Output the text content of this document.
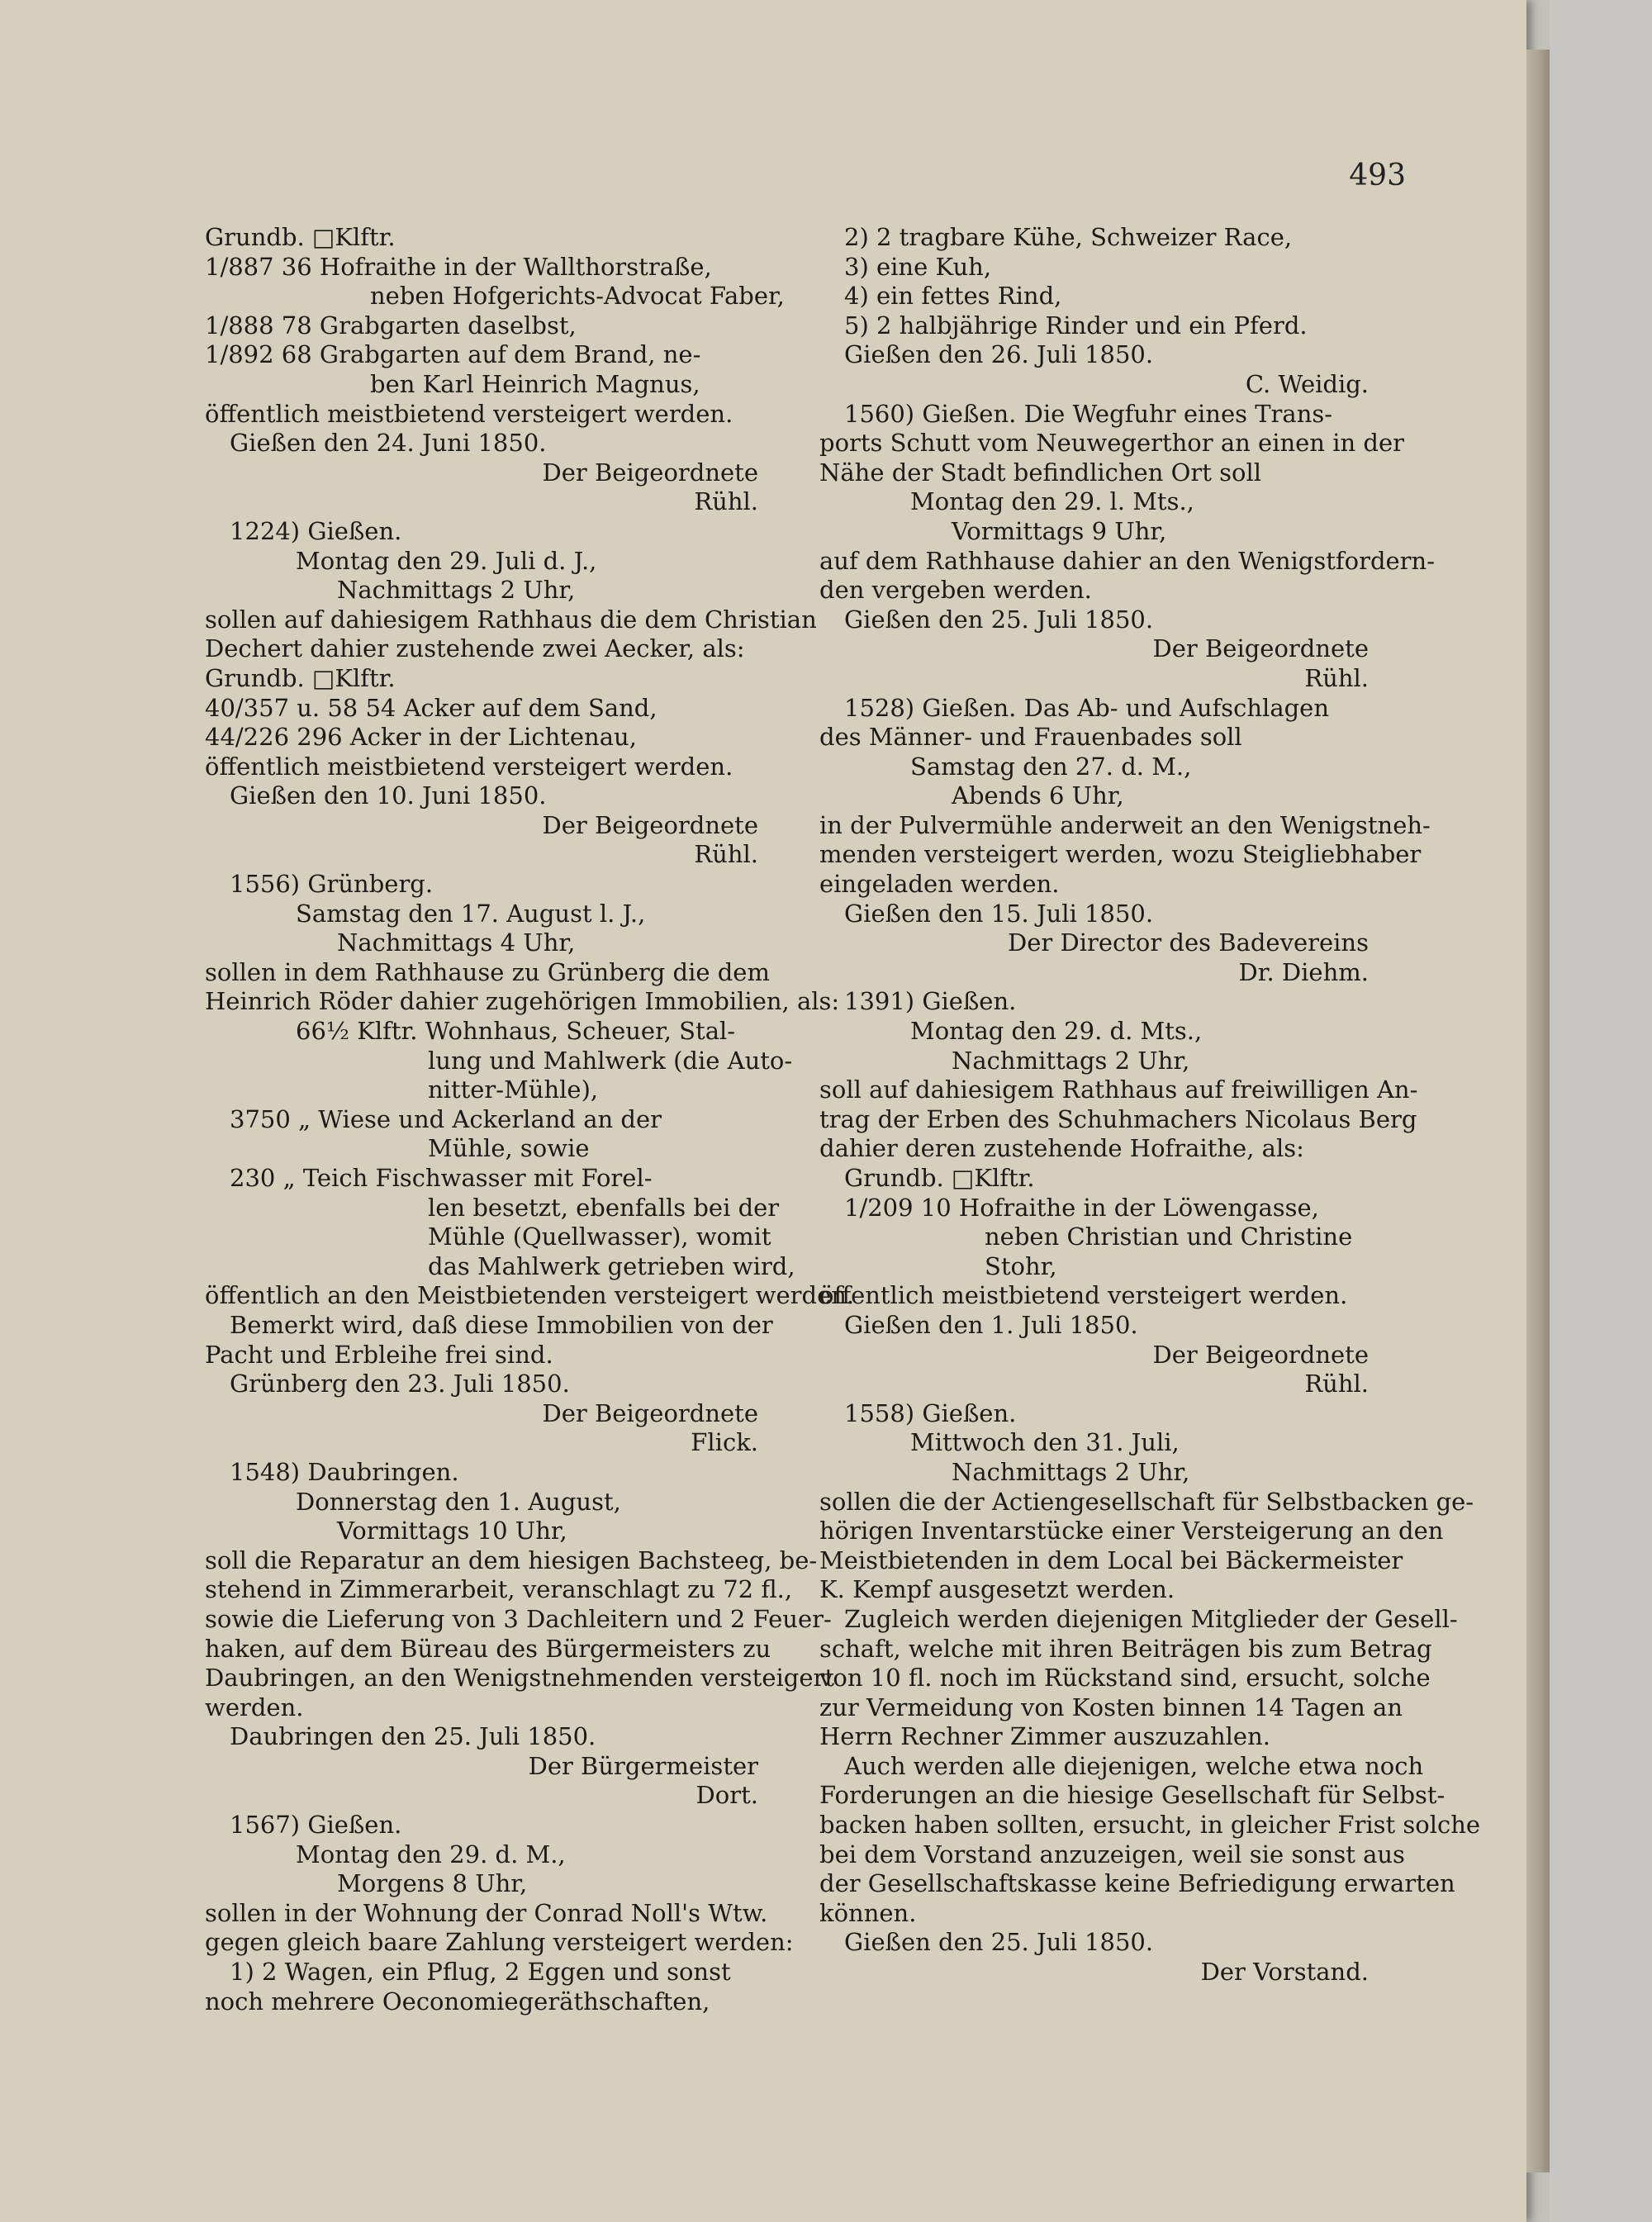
493
Grundb. □Klftr.
1/887 36 Hofraithe in der Wallthorstraße,
neben Hofgerichts-Advocat Faber,
1/888 78 Grabgarten daselbst,
1/892 68 Grabgarten auf dem Brand, ne-
ben Karl Heinrich Magnus,
öffentlich meistbietend versteigert werden.
Gießen den 24. Juni 1850.
Der Beigeordnete
Rühl.
1224) Gießen.
Montag den 29. Juli d. J.,
Nachmittags 2 Uhr,
sollen auf dahiesigem Rathhaus die dem Christian
Dechert dahier zustehende zwei Aecker, als:
Grundb. □Klftr.
40/357 u. 58 54 Acker auf dem Sand,
44/226 296 Acker in der Lichtenau,
öffentlich meistbietend versteigert werden.
Gießen den 10. Juni 1850.
Der Beigeordnete
Rühl.
1556) Grünberg.
Samstag den 17. August l. J.,
Nachmittags 4 Uhr,
sollen in dem Rathhause zu Grünberg die dem
Heinrich Röder dahier zugehörigen Immobilien, als:
66½ Klftr. Wohnhaus, Scheuer, Stal-
lung und Mahlwerk (die Auto-
nitter-Mühle),
3750 „ Wiese und Ackerland an der
Mühle, sowie
230 „ Teich Fischwasser mit Forel-
len besetzt, ebenfalls bei der
Mühle (Quellwasser), womit
das Mahlwerk getrieben wird,
öffentlich an den Meistbietenden versteigert werden.
Bemerkt wird, daß diese Immobilien von der
Pacht und Erbleihe frei sind.
Grünberg den 23. Juli 1850.
Der Beigeordnete
Flick.
1548) Daubringen.
Donnerstag den 1. August,
Vormittags 10 Uhr,
soll die Reparatur an dem hiesigen Bachsteeg, be-
stehend in Zimmerarbeit, veranschlagt zu 72 fl.,
sowie die Lieferung von 3 Dachleitern und 2 Feuer-
haken, auf dem Büreau des Bürgermeisters zu
Daubringen, an den Wenigstnehmenden versteigert
werden.
Daubringen den 25. Juli 1850.
Der Bürgermeister
Dort.
1567) Gießen.
Montag den 29. d. M.,
Morgens 8 Uhr,
sollen in der Wohnung der Conrad Noll's Wtw.
gegen gleich baare Zahlung versteigert werden:
1) 2 Wagen, ein Pflug, 2 Eggen und sonst
noch mehrere Oeconomiegeräthschaften,
2) 2 tragbare Kühe, Schweizer Race,
3) eine Kuh,
4) ein fettes Rind,
5) 2 halbjährige Rinder und ein Pferd.
Gießen den 26. Juli 1850.
C. Weidig.
1560) Gießen. Die Wegfuhr eines Trans-
ports Schutt vom Neuwegerthor an einen in der
Nähe der Stadt befindlichen Ort soll
Montag den 29. l. Mts.,
Vormittags 9 Uhr,
auf dem Rathhause dahier an den Wenigstfordern-
den vergeben werden.
Gießen den 25. Juli 1850.
Der Beigeordnete
Rühl.
1528) Gießen. Das Ab- und Aufschlagen
des Männer- und Frauenbades soll
Samstag den 27. d. M.,
Abends 6 Uhr,
in der Pulvermühle anderweit an den Wenigstneh-
menden versteigert werden, wozu Steigliebhaber
eingeladen werden.
Gießen den 15. Juli 1850.
Der Director des Badevereins
Dr. Diehm.
1391) Gießen.
Montag den 29. d. Mts.,
Nachmittags 2 Uhr,
soll auf dahiesigem Rathhaus auf freiwilligen An-
trag der Erben des Schuhmachers Nicolaus Berg
dahier deren zustehende Hofraithe, als:
Grundb. □Klftr.
1/209 10 Hofraithe in der Löwengasse,
neben Christian und Christine
Stohr,
öffentlich meistbietend versteigert werden.
Gießen den 1. Juli 1850.
Der Beigeordnete
Rühl.
1558) Gießen.
Mittwoch den 31. Juli,
Nachmittags 2 Uhr,
sollen die der Actiengesellschaft für Selbstbacken ge-
hörigen Inventarstücke einer Versteigerung an den
Meistbietenden in dem Local bei Bäckermeister
K. Kempf ausgesetzt werden.
Zugleich werden diejenigen Mitglieder der Gesell-
schaft, welche mit ihren Beiträgen bis zum Betrag
von 10 fl. noch im Rückstand sind, ersucht, solche
zur Vermeidung von Kosten binnen 14 Tagen an
Herrn Rechner Zimmer auszuzahlen.
Auch werden alle diejenigen, welche etwa noch
Forderungen an die hiesige Gesellschaft für Selbst-
backen haben sollten, ersucht, in gleicher Frist solche
bei dem Vorstand anzuzeigen, weil sie sonst aus
der Gesellschaftskasse keine Befriedigung erwarten
können.
Gießen den 25. Juli 1850.
Der Vorstand.
